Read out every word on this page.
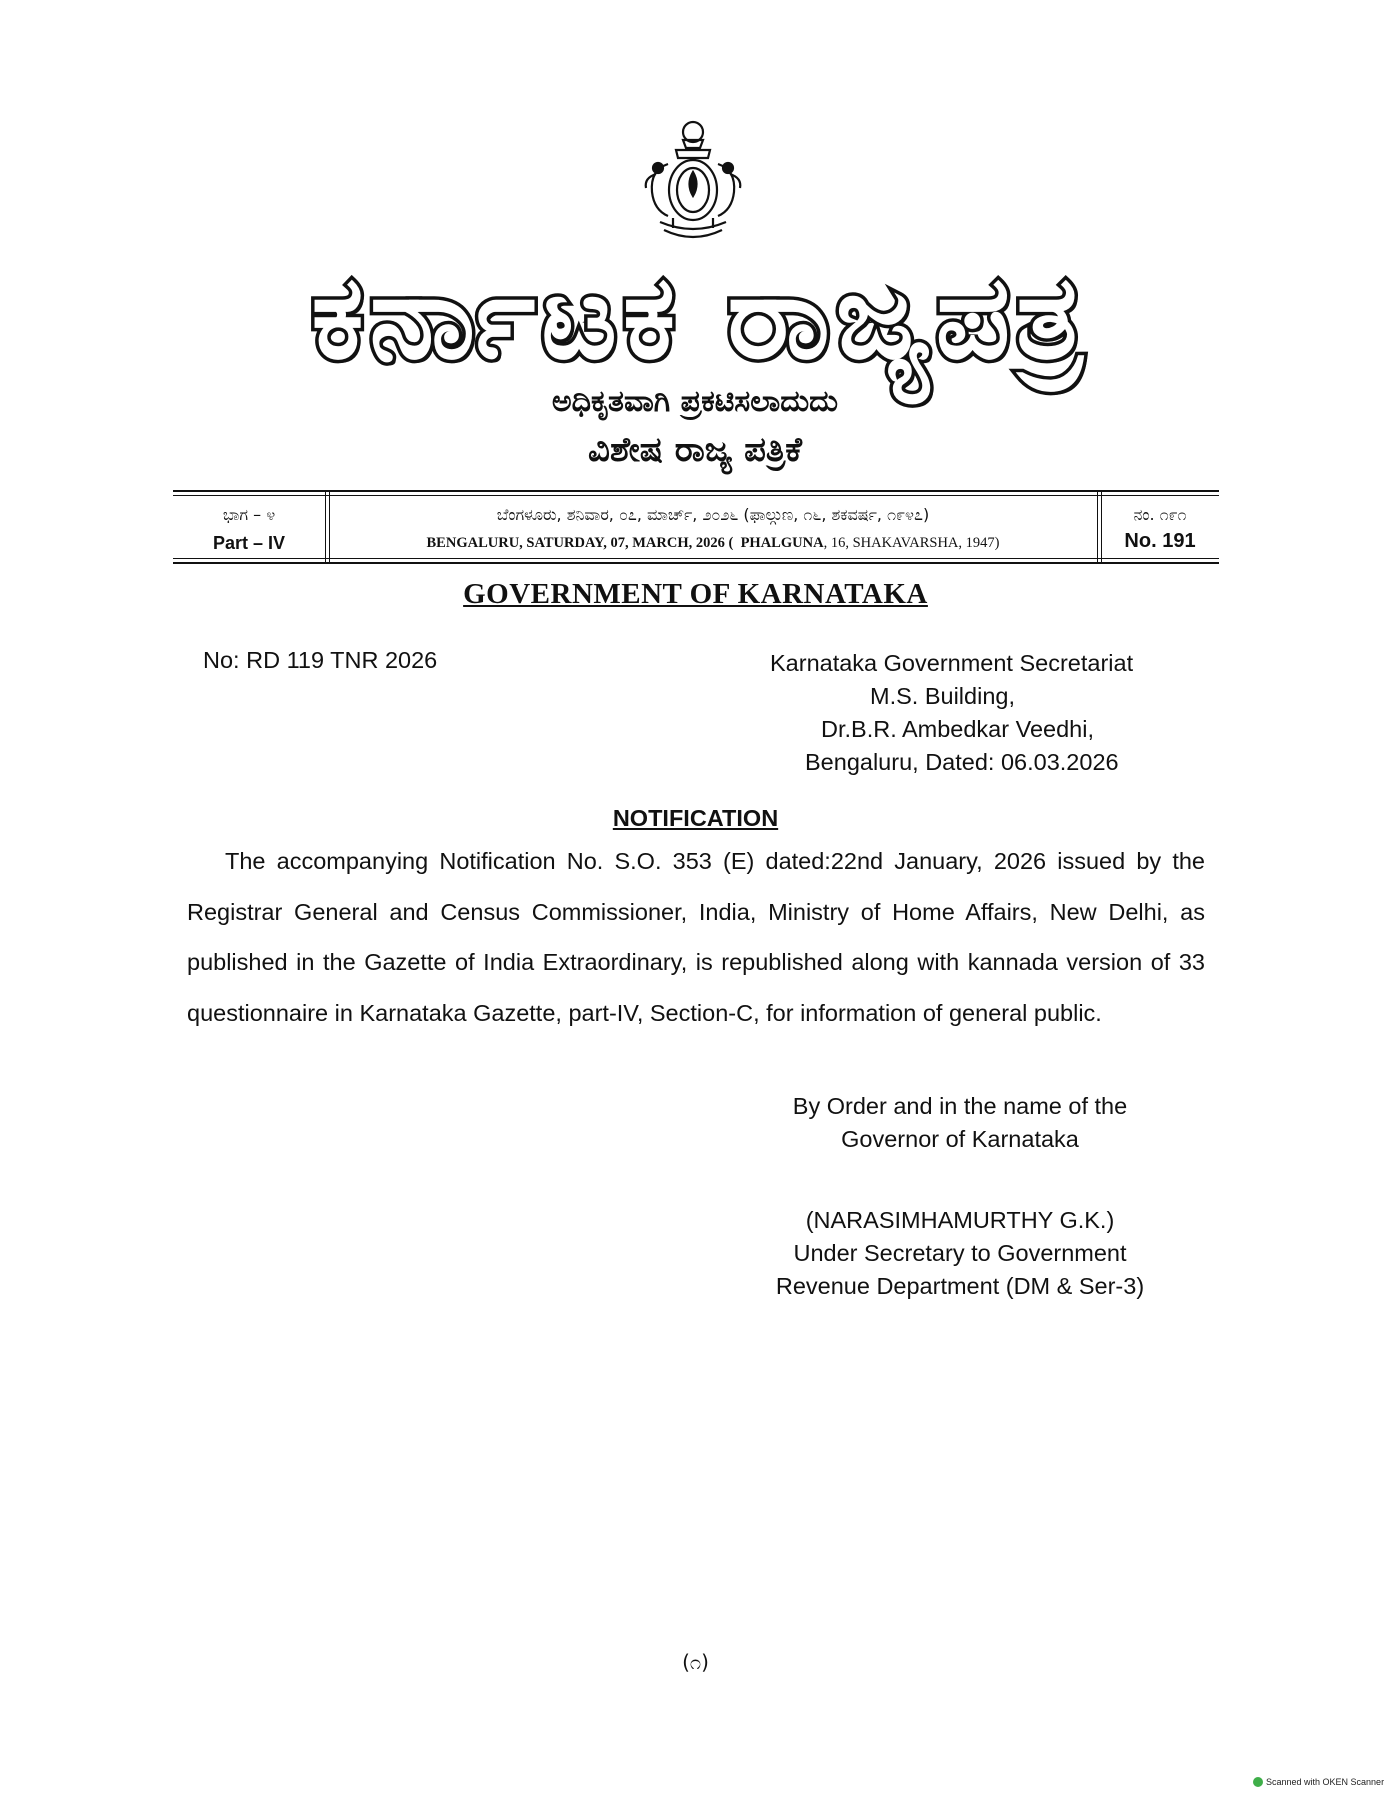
ಕರ್ನಾಟಕ ರಾಜ್ಯಪತ್ರ
ಅಧಿಕೃತವಾಗಿ ಪ್ರಕಟಿಸಲಾದುದು
ವಿಶೇಷ ರಾಜ್ಯ ಪತ್ರಿಕೆ
ಭಾಗ – ೪
Part – IV
ಬೆಂಗಳೂರು, ಶನಿವಾರ, ೦೭, ಮಾರ್ಚ್, ೨೦೨೬ (ಫಾಲ್ಗುಣ, ೧೬, ಶಕವರ್ಷ, ೧೯೪೭)
BENGALURU, SATURDAY, 07, MARCH, 2026 ( PHALGUNA, 16, SHAKAVARSHA, 1947)
ನಂ. ೧೯೧
No. 191
GOVERNMENT OF KARNATAKA
No: RD 119 TNR 2026	Karnataka Government Secretariat
M.S. Building,
Dr.B.R. Ambedkar Veedhi,
Bengaluru, Dated: 06.03.2026
NOTIFICATION
The accompanying Notification No. S.O. 353 (E) dated:22nd January, 2026 issued by the Registrar General and Census Commissioner, India, Ministry of Home Affairs, New Delhi, as published in the Gazette of India Extraordinary, is republished along with kannada version of 33 questionnaire in Karnataka Gazette, part-IV, Section-C, for information of general public.
By Order and in the name of the
Governor of Karnataka
(NARASIMHAMURTHY G.K.)
Under Secretary to Government
Revenue Department (DM & Ser-3)
(೧)
Scanned with OKEN Scanner
